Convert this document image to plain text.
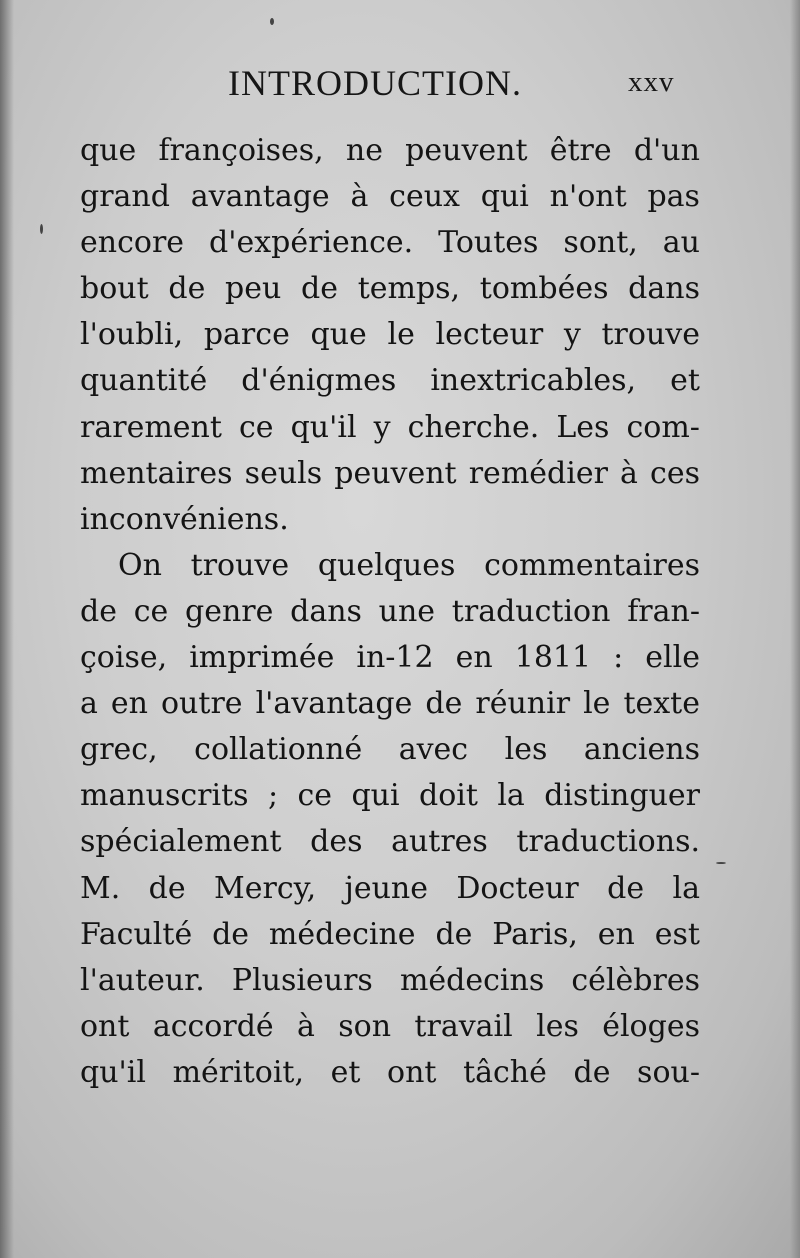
INTRODUCTION.	xxv
que françoises, ne peuvent être d'un
grand avantage à ceux qui n'ont pas
encore d'expérience. Toutes sont, au
bout de peu de temps, tombées dans
l'oubli, parce que le lecteur y trouve
quantité d'énigmes inextricables, et
rarement ce qu'il y cherche. Les com-
mentaires seuls peuvent remédier à ces
inconvéniens.
On trouve quelques commentaires
de ce genre dans une traduction fran-
çoise, imprimée in-12 en 1811 : elle
a en outre l'avantage de réunir le texte
grec, collationné avec les anciens
manuscrits ; ce qui doit la distinguer
spécialement des autres traductions.
M. de Mercy, jeune Docteur de la
Faculté de médecine de Paris, en est
l'auteur. Plusieurs médecins célèbres
ont accordé à son travail les éloges
qu'il méritoit, et ont tâché de sou-
